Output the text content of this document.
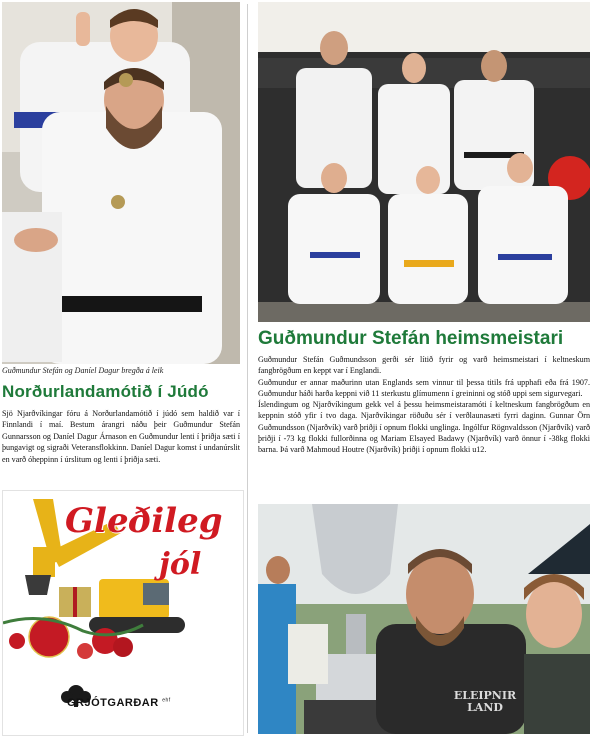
Guðmundur Stefán og Daníel Dagur bregða á leik
Norðurlandamótið í Júdó
Sjö Njarðvíkingar fóru á Norðurlandamótið í júdó sem haldið var í Finnlandi í maí. Bestum árangri náðu þeir Guðmundur Stefán Gunnarsson og Daníel Dagur Árnason en Guðmundur lenti í þriðja sæti í þungavigt og sigraði Veteransflokkinn. Daníel Dagur komst í undanúrslit en varð óheppinn í úrslitum og lenti í þriðja sæti.
Gleðileg
jól
GRJÓTGARÐAR $^{ehf}$
Guðmundur Stefán heimsmeistari

Guðmundur Stefán Guðmundsson gerði sér lítið fyrir og varð heimsmeistari í keltneskum fangbrögðum en keppt var í Englandi.

Guðmundur er annar maðurinn utan Englands sem vinnur til þessa titils frá upphafi eða frá 1907. Guðmundur háði harða keppni við 11 sterkustu glímumenn í greininni og stóð uppi sem sigurvegari.

Íslendingum og Njarðvíkingum gekk vel á þessu heimsmeistaramóti í keltneskum fangbrögðum en keppnin stóð yfir í tvo daga. Njarðvíkingar röðuðu sér í verðlaunasæti fyrri daginn. Gunnar Örn Guðmundsson (Njarðvík) varð þriðji í opnum flokki unglinga. Ingólfur Rögnvaldsson (Njarðvík) varð þriðji í -73 kg flokki fullorðinna og Mariam Elsayed Badawy (Njarðvík) varð önnur í -38kg flokki barna. Þá varð Mahmoud Houtre (Njarðvík) þriðji í opnum flokki u12.

ELEIPNIR LAND
